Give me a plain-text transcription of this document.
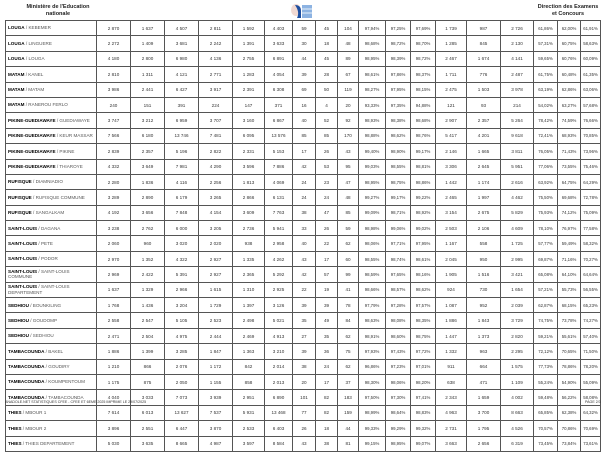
Ministère de l'Education
nationale
Direction des Examens
et Concours
LOUGA / KEBEMER	2 870	1 637	4 507	2 811	1 592	4 403	59	45	104	97,94%	97,25%	97,69%	1 739	987	2 726	61,86%	62,00%	61,91%
LOUGA / LINGUERE	2 272	1 409	3 681	2 242	1 391	3 633	30	18	48	98,68%	98,72%	98,70%	1 285	845	2 130	57,31%	60,75%	58,63%
LOUGA / LOUGA	4 180	2 800	6 980	4 136	2 755	6 891	44	45	89	98,95%	98,39%	98,72%	2 467	1 674	4 141	59,65%	60,76%	60,09%
MATAM / KANEL	2 810	1 311	4 121	2 771	1 283	4 054	39	28	67	98,61%	97,86%	98,37%	1 711	776	2 487	61,75%	60,48%	61,35%
MATAM / MATAM	3 986	2 441	6 427	3 917	2 391	6 308	69	50	119	98,27%	97,95%	98,15%	2 475	1 503	3 978	63,19%	62,86%	63,06%
MATAM / RANEROU FERLO	240	151	391	224	147	371	16	4	20	93,33%	97,35%	94,88%	121	93	214	54,02%	63,27%	57,68%
PIKINE-GUEDIAWAYE / GUEDIAWAYE	3 747	3 212	6 959	3 707	3 160	6 867	40	52	92	98,93%	98,38%	98,68%	2 907	2 357	5 264	78,42%	74,59%	76,66%
PIKINE-GUEDIAWAYE / KEUR MASSAR	7 566	6 180	13 746	7 481	6 095	13 576	85	85	170	98,88%	98,62%	98,76%	5 417	4 201	9 618	72,41%	68,93%	70,85%
PIKINE-GUEDIAWAYE / PIKINE	2 839	2 357	5 196	2 822	2 331	5 153	17	26	43	99,40%	98,90%	99,17%	2 146	1 665	3 811	76,05%	71,43%	73,96%
PIKINE-GUEDIAWAYE / THIAROYE	4 332	3 649	7 981	4 290	3 596	7 886	42	53	95	99,03%	98,55%	98,81%	3 306	2 645	5 951	77,06%	73,55%	75,46%
RUFISQUE / DIAMNIADIO	2 280	1 836	4 116	2 256	1 813	4 069	24	23	47	98,95%	98,75%	98,86%	1 442	1 174	2 616	63,92%	64,75%	64,29%
RUFISQUE / RUFISQUE COMMUNE	3 289	2 890	6 179	3 265	2 866	6 131	24	24	48	99,27%	99,17%	99,22%	2 465	1 997	4 462	75,50%	69,68%	72,78%
RUFISQUE / SANGALKAM	4 192	3 656	7 848	4 154	3 609	7 763	38	47	85	99,09%	98,71%	98,92%	3 154	2 675	5 829	75,93%	74,12%	75,09%
SAINT-LOUIS / DAGANA	3 238	2 762	6 000	3 205	2 736	5 941	33	26	59	98,98%	99,06%	99,02%	2 503	2 106	4 609	78,10%	76,97%	77,58%
SAINT-LOUIS / PETE	2 060	960	3 020	2 020	938	2 958	40	22	62	98,06%	97,71%	97,95%	1 167	558	1 725	57,77%	59,49%	58,32%
SAINT-LOUIS / PODOR	2 970	1 352	4 322	2 927	1 335	4 262	43	17	60	98,55%	98,74%	98,61%	2 045	950	2 995	69,87%	71,16%	70,27%
SAINT-LOUIS / SAINT-LOUIS COMMUNE	2 969	2 422	5 391	2 927	2 365	5 292	42	57	99	98,59%	97,65%	98,16%	1 905	1 516	3 421	65,08%	64,10%	64,64%
SAINT-LOUIS / SAINT-LOUIS DEPARTEMENT	1 637	1 329	2 966	1 615	1 310	2 925	22	19	41	98,66%	98,57%	98,62%	924	730	1 654	57,21%	55,73%	56,55%
SEDHIOU / BOUNKILING	1 768	1 436	3 204	1 729	1 397	3 126	39	39	78	97,79%	97,28%	97,57%	1 087	952	2 039	62,87%	68,15%	65,23%
SEDHIOU / GOUDOMP	2 558	2 547	5 105	2 523	2 498	5 021	35	49	84	98,63%	98,08%	98,35%	1 886	1 843	3 729	74,75%	73,78%	74,27%
SEDHIOU / SEDHIOU	2 471	2 504	4 975	2 444	2 469	4 913	27	35	62	98,91%	98,60%	98,75%	1 447	1 373	2 820	59,21%	55,61%	57,40%
TAMBACOUNDA / BAKEL	1 886	1 399	3 285	1 847	1 363	3 210	39	36	75	97,93%	97,43%	97,72%	1 332	963	2 295	72,12%	70,65%	71,50%
TAMBACOUNDA / GOUDIRY	1 210	866	2 076	1 172	842	2 014	38	24	62	96,86%	97,23%	97,01%	911	664	1 575	77,73%	78,86%	78,20%
TAMBACOUNDA / KOUMPENTOUM	1 175	875	2 050	1 155	858	2 013	20	17	37	98,30%	98,06%	98,20%	638	471	1 109	55,24%	54,90%	55,09%
TAMBACOUNDA / TAMBACOUNDA	4 040	3 033	7 073	3 939	2 951	6 890	101	82	183	97,50%	97,30%	97,41%	2 343	1 659	4 002	59,48%	56,22%	58,08%
THIES / MBOUR 1	7 614	6 013	13 627	7 537	5 931	13 468	77	82	159	98,99%	98,64%	98,83%	4 963	3 700	8 663	65,85%	62,38%	64,32%
THIES / MBOUR 2	3 896	2 551	6 447	3 870	2 533	6 403	26	18	44	99,33%	99,29%	99,32%	2 731	1 795	4 526	70,57%	70,86%	70,69%
THIES / THIES DEPARTEMENT	5 030	3 635	8 665	4 987	3 597	8 584	43	38	81	99,15%	98,95%	99,07%	3 663	2 656	6 319	73,45%	73,84%	73,61%
ANADOLE.NET STATISTIQUES CFEE - CFEE ET 6EME 2025 IMPRIME LE 29/07/2025	PAGE 2/3
